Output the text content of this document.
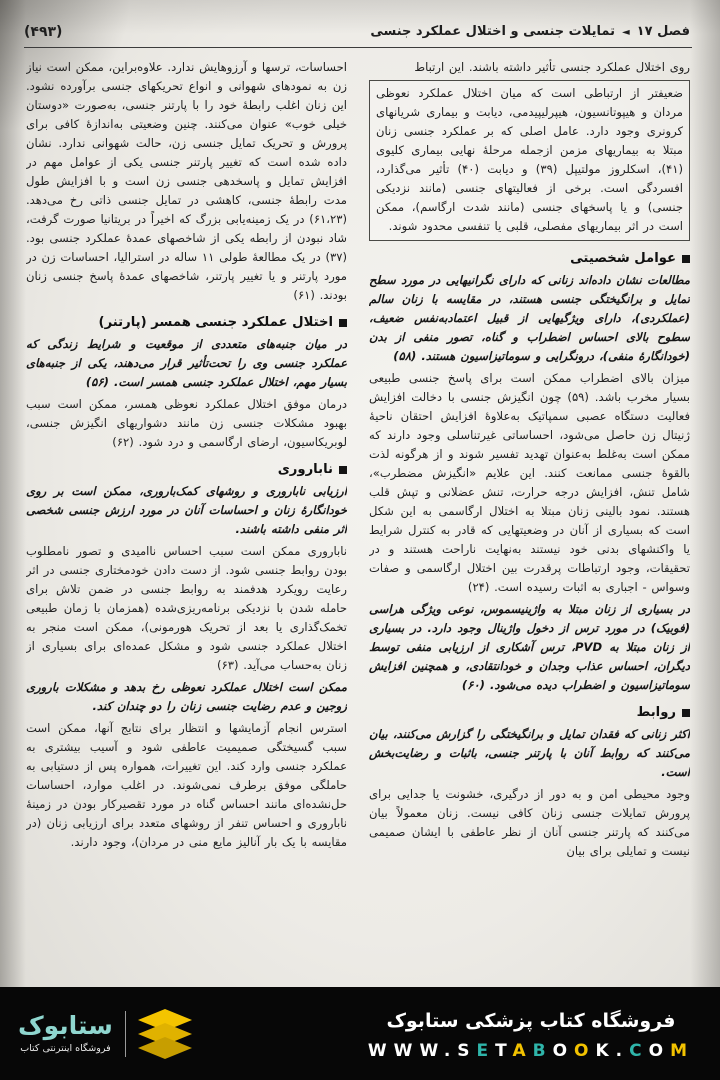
فصل ۱۷
◄
تمایلات جنسی و اختلال عملکرد جنسی
(۴۹۳)

روی اختلال عملکرد جنسی تأثیر داشته باشند. این ارتباط

ضعیفتر از ارتباطی است که میان اختلال عملکرد نعوظی مردان و هیپوتانسیون، هیپرلیپیدمی، دیابت و بیماری شریانهای کرونری وجود دارد. عامل اصلی که بر عملکرد جنسی زنان مبتلا به بیماریهای مزمن ازجمله مرحلهٔ نهایی بیماری کلیوی (۴۱)، اسکلروز مولتیپل (۳۹) و دیابت (۴۰) تأثیر می‌گذارد، افسردگی است. برخی از فعالیتهای جنسی (مانند نزدیکی جنسی) و یا پاسخهای جنسی (مانند شدت ارگاسم)، ممکن است در اثر بیماریهای مفصلی، قلبی یا تنفسی محدود شوند.

عوامل شخصیتی

مطالعات نشان داده‌اند زنانی که دارای نگرانیهایی در مورد سطح تمایل و برانگیختگی جنسی هستند، در مقایسه با زنان سالم (عملکردی)، دارای ویژگیهایی از قبیل اعتمادبه‌نفس ضعیف، سطوح بالای احساس اضطراب و گناه، تصور منفی از بدن (خودانگارهٔ منفی)، درونگرایی و سوماتیزاسیون هستند. (۵۸)

میزان بالای اضطراب ممکن است برای پاسخ جنسی طبیعی بسیار مخرب باشد. (۵۹) چون انگیزش جنسی با دخالت افزایش فعالیت دستگاه عصبی سمپاتیک به‌علاوهٔ افزایش احتقان ناحیهٔ ژنیتال زن حاصل می‌شود، احساساتی غیرتناسلی وجود دارند که ممکن است به‌غلط به‌عنوان تهدید تفسیر شوند و از هرگونه لذت بالقوهٔ جنسی ممانعت کنند. این علایم «انگیزش مضطرب»، شامل تنش، افزایش درجه حرارت، تنش عضلانی و تپش قلب هستند. نمود بالینی زنان مبتلا به اختلال ارگاسمی به این شکل است که بسیاری از آنان در وضعیتهایی که قادر به کنترل شرایط یا واکنشهای بدنی خود نیستند به‌نهایت ناراحت هستند و در تحقیقات، وجود ارتباطات پرقدرت بین اختلال ارگاسمی و صفات وسواس - اجباری به اثبات رسیده است. (۲۴)

در بسیاری از زنان مبتلا به واژینیسموس، نوعی ویژگی هراسی (فوبیک) در مورد ترس از دخول واژینال وجود دارد. در بسیاری از زنان مبتلا به PVD، ترس آشکاری از ارزیابی منفی توسط دیگران، احساس عذاب وجدان و خودانتقادی، و همچنین افزایش سوماتیزاسیون و اضطراب دیده می‌شود. (۶۰)

روابط

اکثر زنانی که فقدان تمایل و برانگیختگی را گزارش می‌کنند، بیان می‌کنند که روابط آنان با پارتنر جنسی، باثبات و رضایت‌بخش است.

وجود محیطی امن و به دور از درگیری، خشونت یا جدایی برای پرورش تمایلات جنسی زنان کافی نیست. زنان معمولاً بیان می‌کنند که پارتنر جنسی آنان از نظر عاطفی با ایشان صمیمی نیست و تمایلی برای بیان

احساسات، ترسها و آرزوهایش ندارد. علاوه‌براین، ممکن است نیاز زن به نمودهای شهوانی و انواع تحریکهای جنسی برآورده نشود. این زنان اغلب رابطهٔ خود را با پارتنر جنسی، به‌صورت «دوستان خیلی خوب» عنوان می‌کنند. چنین وضعیتی به‌اندازهٔ کافی برای پرورش و تحریک تمایل جنسی زن، حالت شهوانی ندارد. نشان داده شده است که تغییر پارتنر جنسی یکی از عوامل مهم در افزایش تمایل و پاسخدهی جنسی زن است و با افزایش طول مدت رابطهٔ جنسی، کاهشی در تمایل جنسی ذاتی رخ می‌دهد. (۶۱،۲۳) در یک زمینه‌یابی بزرگ که اخیراً در بریتانیا صورت گرفت، شاد نبودن از رابطه یکی از شاخصهای عمدهٔ عملکرد جنسی بود. (۳۷) در یک مطالعهٔ طولی ۱۱ ساله در استرالیا، احساسات زن در مورد پارتنر و یا تغییر پارتنر، شاخصهای عمدهٔ پاسخ جنسی زنان بودند. (۶۱)

اختلال عملکرد جنسی همسر (پارتنر)

در میان جنبه‌های متعددی از موقعیت و شرایط زندگی که عملکرد جنسی وی را تحت‌تأثیر قرار می‌دهند، یکی از جنبه‌های بسیار مهم، اختلال عملکرد جنسی همسر است. (۵۶)

درمان موفق اختلال عملکرد نعوظی همسر، ممکن است سبب بهبود مشکلات جنسی زن مانند دشواریهای انگیزش جنسی، لوبریکاسیون، ارضای ارگاسمی و درد شود. (۶۲)

ناباروری

ارزیابی ناباروری و روشهای کمک‌باروری، ممکن است بر روی خودانگارهٔ زنان و احساسات آنان در مورد ارزش جنسی شخصی اثر منفی داشته باشند.

ناباروری ممکن است سبب احساس ناامیدی و تصور نامطلوب بودن روابط جنسی شود. از دست دادن خودمختاری جنسی در اثر رعایت رویکرد هدفمند به روابط جنسی در ضمن تلاش برای حامله شدن با نزدیکی برنامه‌ریزی‌شده (همزمان با زمان طبیعی تخمک‌گذاری یا بعد از تحریک هورمونی)، ممکن است منجر به اختلال عملکرد جنسی شود و مشکل عمده‌ای برای بسیاری از زنان به‌حساب می‌آید. (۶۳)

ممکن است اختلال عملکرد نعوظی رخ بدهد و مشکلات باروری زوجین و عدم رضایت جنسی زنان را دو چندان کند.

استرس انجام آزمایشها و انتظار برای نتایج آنها، ممکن است سبب گسیختگی صمیمیت عاطفی شود و آسیب بیشتری به عملکرد جنسی وارد کند. این تغییرات، همواره پس از دستیابی به حاملگی موفق برطرف نمی‌شوند. در اغلب موارد، احساسات حل‌نشده‌ای مانند احساس گناه در مورد تقصیرکار بودن در زمینهٔ ناباروری و احساس تنفر از روشهای متعدد برای ارزیابی زنان (در مقایسه با یک بار آنالیز مایع منی در مردان)، وجود دارند.

فروشگاه کتاب پزشکی ستابوک
WWW.SETABOOK.COM
ستابوک
فروشگاه اینترنتی کتاب
